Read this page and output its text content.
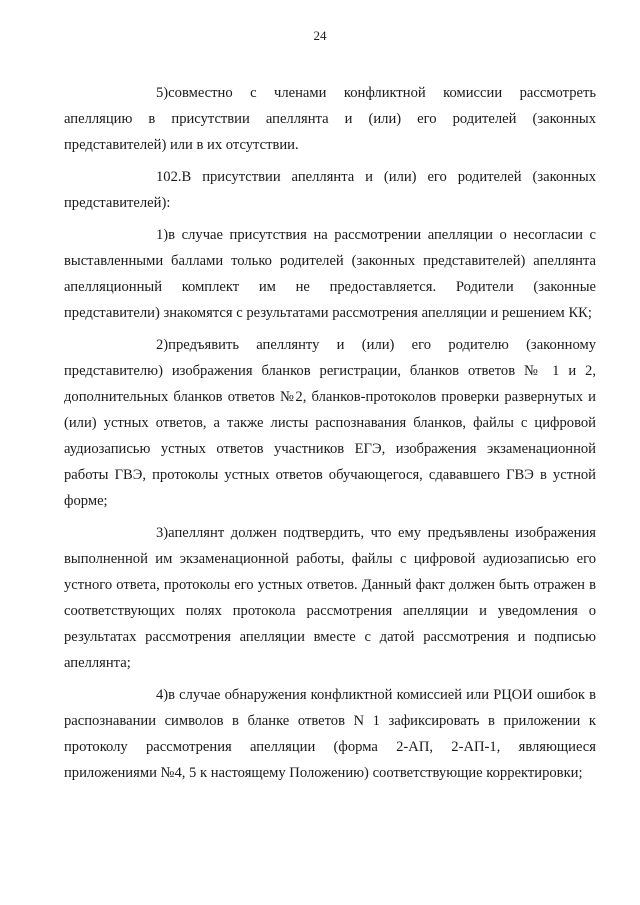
24

5)совместно с членами конфликтной комиссии рассмотреть апелляцию в присутствии апеллянта и (или) его родителей (законных представителей) или в их отсутствии.

102.В присутствии апеллянта и (или) его родителей (законных представителей):

1)в случае присутствия на рассмотрении апелляции о несогласии с выставленными баллами только родителей (законных представителей) апеллянта апелляционный комплект им не предоставляется. Родители (законные представители) знакомятся с результатами рассмотрения апелляции и решением КК;

2)предъявить апеллянту и (или) его родителю (законному представителю) изображения бланков регистрации, бланков ответов № 1 и 2, дополнительных бланков ответов №2, бланков-протоколов проверки развернутых и (или) устных ответов, а также листы распознавания бланков, файлы с цифровой аудиозаписью устных ответов участников ЕГЭ, изображения экзаменационной работы ГВЭ, протоколы устных ответов обучающегося, сдававшего ГВЭ в устной форме;

3)апеллянт должен подтвердить, что ему предъявлены изображения выполненной им экзаменационной работы, файлы с цифровой аудиозаписью его устного ответа, протоколы его устных ответов. Данный факт должен быть отражен в соответствующих полях протокола рассмотрения апелляции и уведомления о результатах рассмотрения апелляции вместе с датой рассмотрения и подписью апеллянта;

4)в случае обнаружения конфликтной комиссией или РЦОИ ошибок в распознавании символов в бланке ответов N 1 зафиксировать в приложении к протоколу рассмотрения апелляции (форма 2-АП, 2-АП-1, являющиеся приложениями №4, 5 к настоящему Положению) соответствующие корректировки;
